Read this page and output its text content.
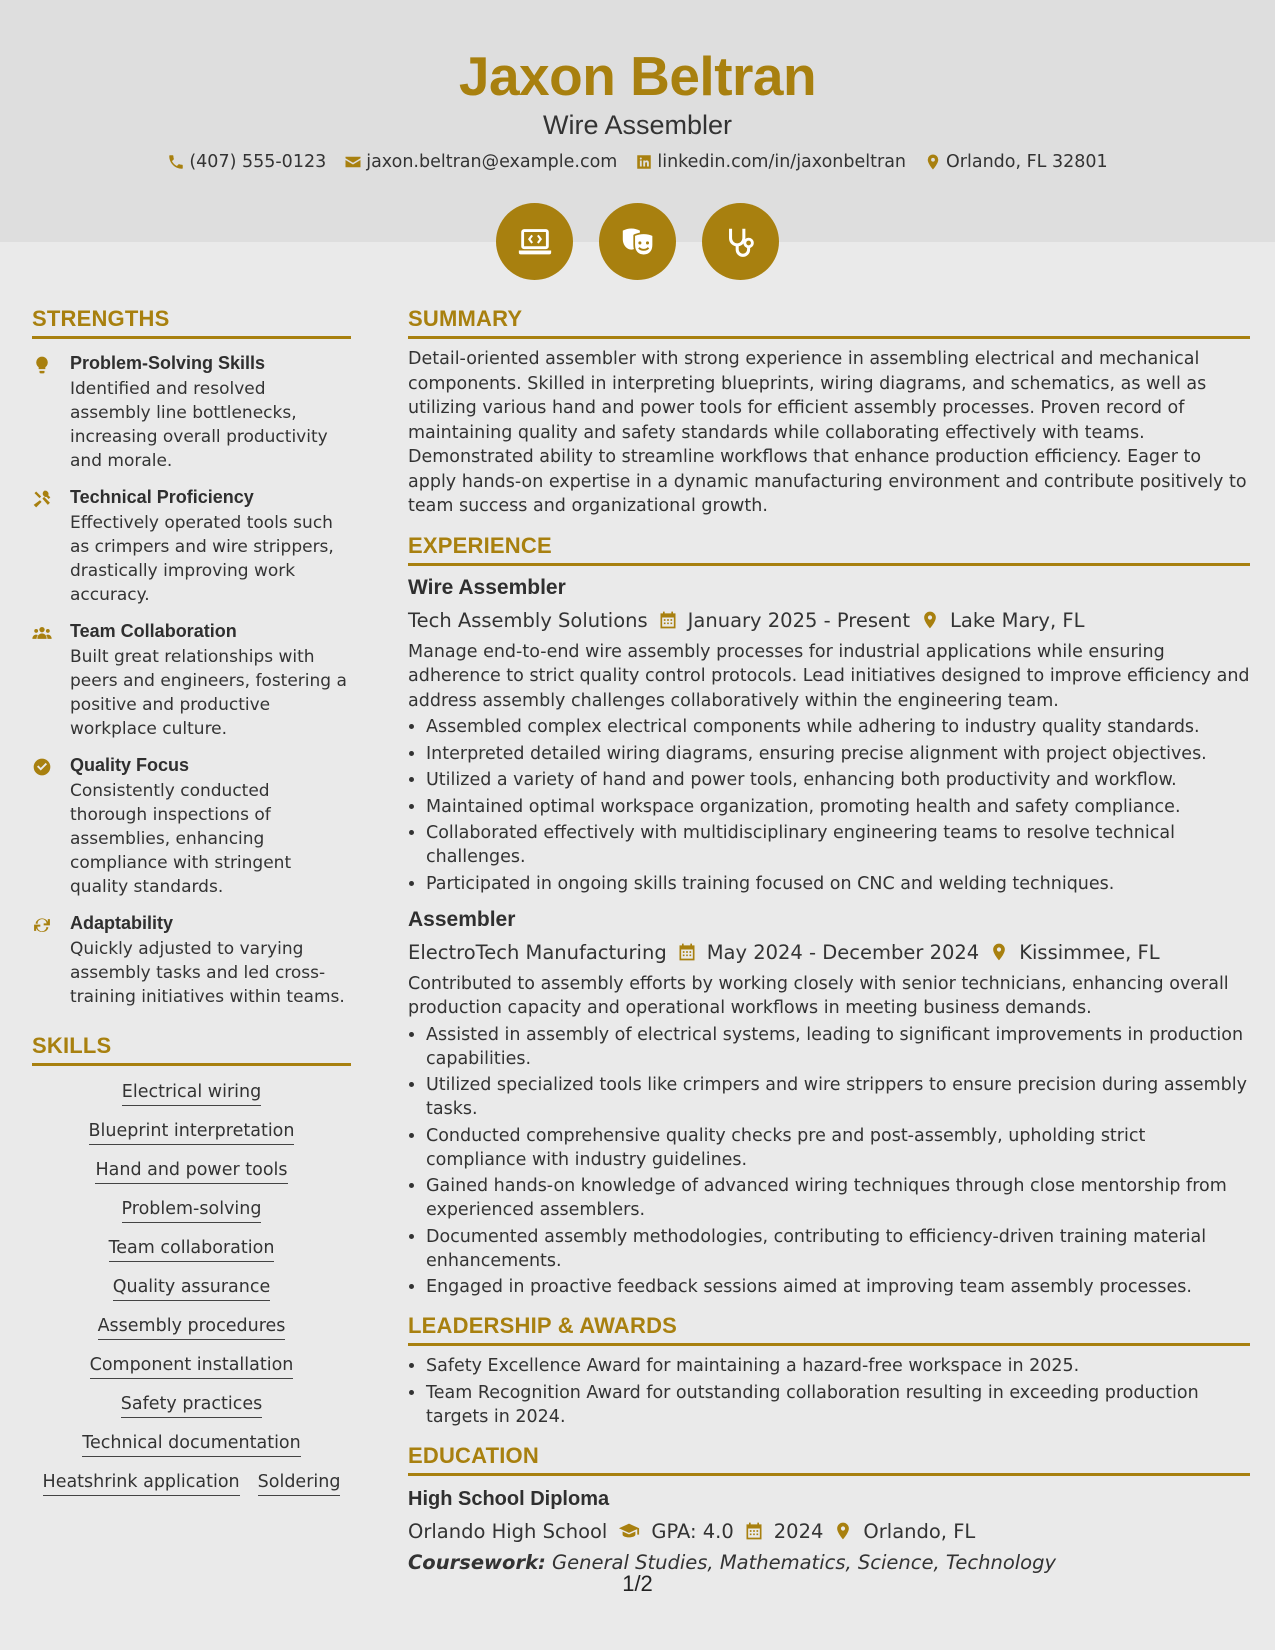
Jaxon Beltran
Wire Assembler
(407) 555-0123 jaxon.beltran@example.com linkedin.com/in/jaxonbeltran Orlando, FL 32801
STRENGTHS
Problem-Solving Skills
Identified and resolved assembly line bottlenecks, increasing overall productivity and morale.
Technical Proficiency
Effectively operated tools such as crimpers and wire strippers, drastically improving work accuracy.
Team Collaboration
Built great relationships with peers and engineers, fostering a positive and productive workplace culture.
Quality Focus
Consistently conducted thorough inspections of assemblies, enhancing compliance with stringent quality standards.
Adaptability
Quickly adjusted to varying assembly tasks and led cross-training initiatives within teams.
SKILLS
Electrical wiring
Blueprint interpretation
Hand and power tools
Problem-solving
Team collaboration
Quality assurance
Assembly procedures
Component installation
Safety practices
Technical documentation
Heatshrink application Soldering
SUMMARY
Detail-oriented assembler with strong experience in assembling electrical and mechanical components. Skilled in interpreting blueprints, wiring diagrams, and schematics, as well as utilizing various hand and power tools for efficient assembly processes. Proven record of maintaining quality and safety standards while collaborating effectively with teams. Demonstrated ability to streamline workflows that enhance production efficiency. Eager to apply hands-on expertise in a dynamic manufacturing environment and contribute positively to team success and organizational growth.
EXPERIENCE
Wire Assembler
Tech Assembly Solutions January 2025 - Present Lake Mary, FL
Manage end-to-end wire assembly processes for industrial applications while ensuring adherence to strict quality control protocols. Lead initiatives designed to improve efficiency and address assembly challenges collaboratively within the engineering team.
• Assembled complex electrical components while adhering to industry quality standards.
• Interpreted detailed wiring diagrams, ensuring precise alignment with project objectives.
• Utilized a variety of hand and power tools, enhancing both productivity and workflow.
• Maintained optimal workspace organization, promoting health and safety compliance.
• Collaborated effectively with multidisciplinary engineering teams to resolve technical challenges.
• Participated in ongoing skills training focused on CNC and welding techniques.
Assembler
ElectroTech Manufacturing May 2024 - December 2024 Kissimmee, FL
Contributed to assembly efforts by working closely with senior technicians, enhancing overall production capacity and operational workflows in meeting business demands.
• Assisted in assembly of electrical systems, leading to significant improvements in production capabilities.
• Utilized specialized tools like crimpers and wire strippers to ensure precision during assembly tasks.
• Conducted comprehensive quality checks pre and post-assembly, upholding strict compliance with industry guidelines.
• Gained hands-on knowledge of advanced wiring techniques through close mentorship from experienced assemblers.
• Documented assembly methodologies, contributing to efficiency-driven training material enhancements.
• Engaged in proactive feedback sessions aimed at improving team assembly processes.
LEADERSHIP & AWARDS
• Safety Excellence Award for maintaining a hazard-free workspace in 2025.
• Team Recognition Award for outstanding collaboration resulting in exceeding production targets in 2024.
EDUCATION
High School Diploma
Orlando High School GPA: 4.0 2024 Orlando, FL
Coursework: General Studies, Mathematics, Science, Technology
1/2
